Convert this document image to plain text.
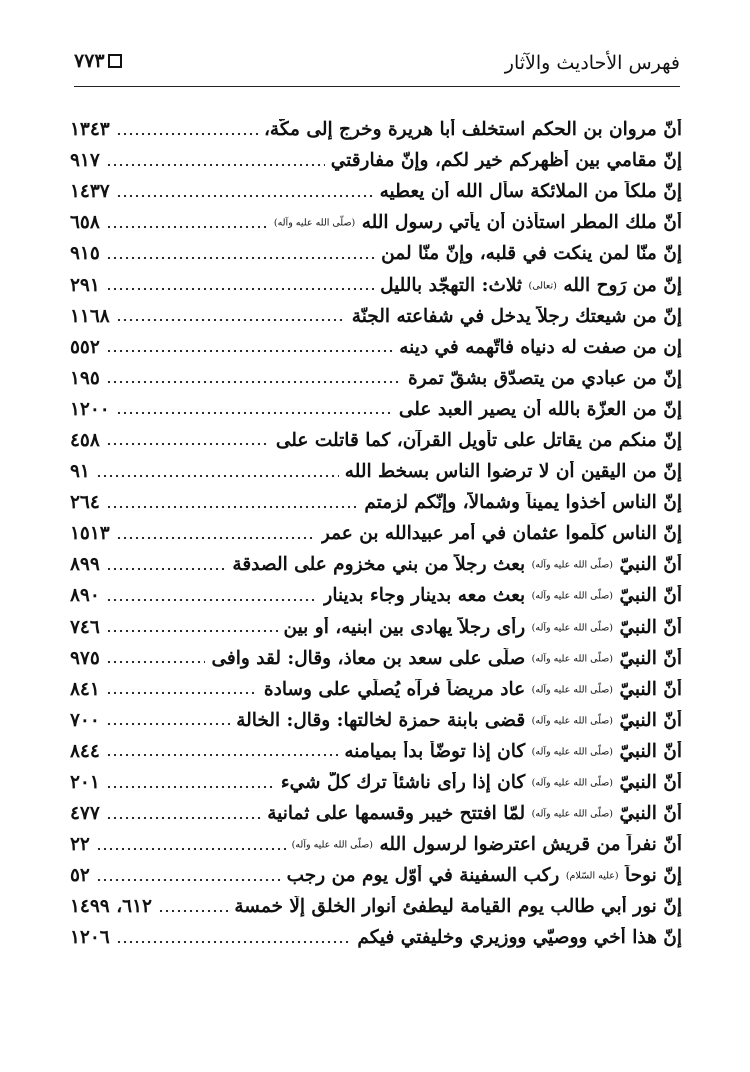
فهرس الأحاديث والآثار
٧٧٣
أنّ مروان بن الحكم استخلف أبا هريرة وخرج إلى مكّة،
١٣٤٣
إنّ مقامي بين أظهركم خير لكم، وإنّ مفارقتي
٩١٧
إنّ ملكاً من الملائكة سأل الله أن يعطيه
١٤٣٧
أنّ ملك المطر استأذن أن يأتي رسول الله (صلّى الله عليه وآله)
٦٥٨
إنّ منّا لمن ينكت في قلبه، وإنّ منّا لمن
٩١٥
إنّ من رَوح الله (تعالى) ثلاث: التهجّد بالليل
٢٩١
إنّ من شيعتك رجلاً يدخل في شفاعته الجنّة
١١٦٨
إن من صفت له دنياه فاتّهمه في دينه
٥٥٢
إنّ من عبادي من يتصدّق بشقّ تمرة
١٩٥
إنّ من العزّة بالله أن يصير العبد على
١٢٠٠
إنّ منكم من يقاتل على تأويل القرآن، كما قاتلت على
٤٥٨
إنّ من اليقين أن لا ترضوا الناس بسخط الله
٩١
إنّ الناس أخذوا يميناً وشمالاً، وإنّكم لزمتم
٢٦٤
إنّ الناس كلّموا عثمان في أمر عبيدالله بن عمر
١٥١٣
أنّ النبيّ (صلّى الله عليه وآله) بعث رجلاً من بني مخزوم على الصدقة
٨٩٩
أنّ النبيّ (صلّى الله عليه وآله) بعث معه بدينار وجاء بدينار
٨٩٠
أنّ النبيّ (صلّى الله عليه وآله) رأى رجلاً يهادى بين ابنيه، أو بين
٧٤٦
أنّ النبيّ (صلّى الله عليه وآله) صلّى على سعد بن معاذ، وقال: لقد وافى
٩٧٥
أنّ النبيّ (صلّى الله عليه وآله) عاد مريضاً فرآه يُصلّي على وسادة
٨٤١
أنّ النبيّ (صلّى الله عليه وآله) قضى بابنة حمزة لخالتها: وقال: الخالة
٧٠٠
أنّ النبيّ (صلّى الله عليه وآله) كان إذا توضّأ بدأ بميامنه
٨٤٤
أنّ النبيّ (صلّى الله عليه وآله) كان إذا رأى ناشئاً ترك كلّ شيء
٢٠١
أنّ النبيّ (صلّى الله عليه وآله) لمّا افتتح خيبر وقسمها على ثمانية
٤٧٧
أنّ نفراً من قريش اعترضوا لرسول الله (صلّى الله عليه وآله)
٢٢
إنّ نوحاً (عليه السّلام) ركب السفينة في أوّل يوم من رجب
٥٢
إنّ نور أبي طالب يوم القيامة ليطفئ أنوار الخلق إلّا خمسة
٦١٢، ١٤٩٩
إنّ هذا أخي ووصيّي ووزيري وخليفتي فيكم
١٢٠٦
